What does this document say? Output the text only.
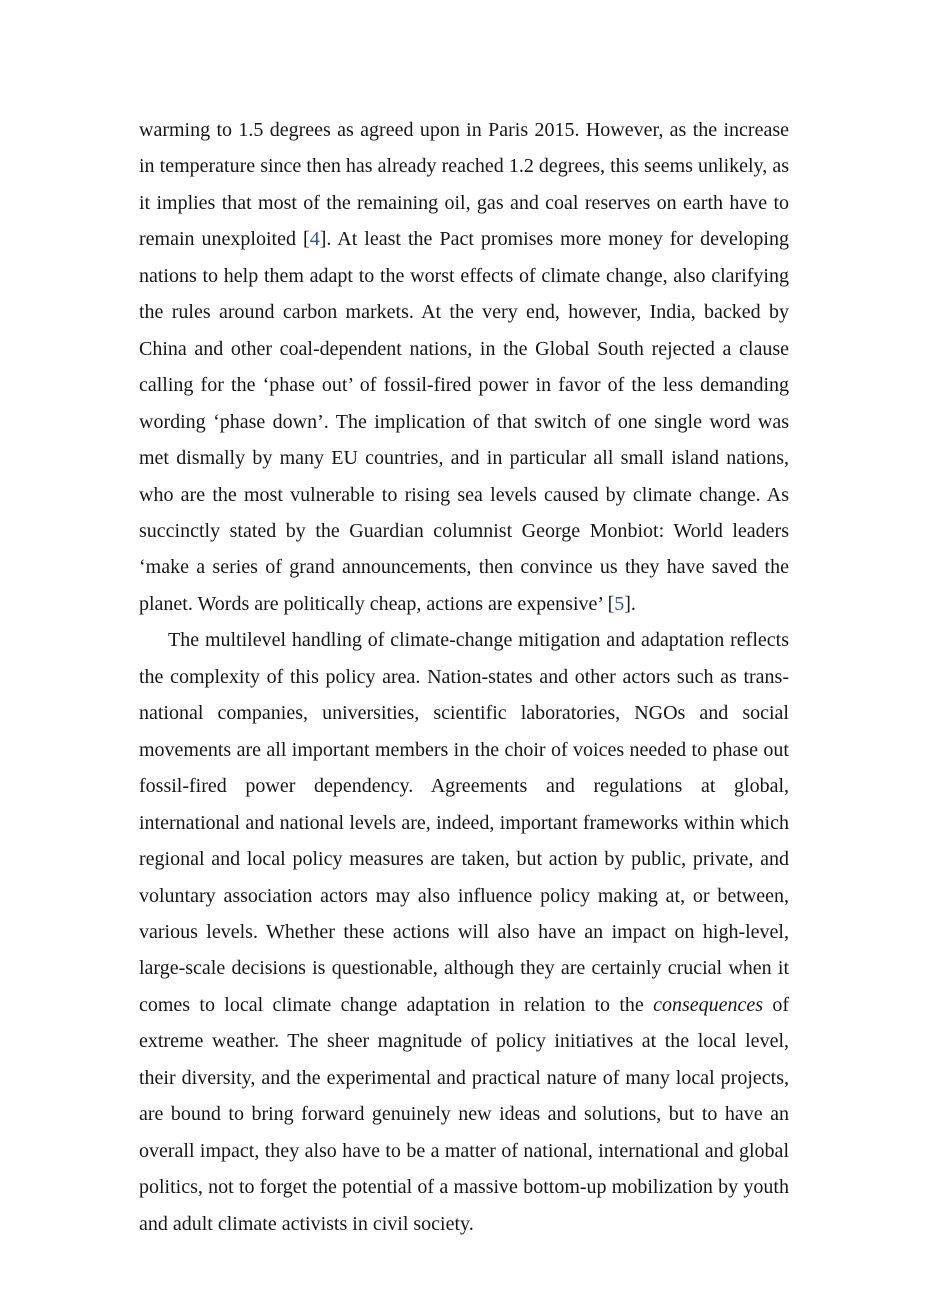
warming to 1.5 degrees as agreed upon in Paris 2015. However, as the increase in temperature since then has already reached 1.2 degrees, this seems unlikely, as it implies that most of the remaining oil, gas and coal reserves on earth have to remain unexploited [4]. At least the Pact promises more money for developing nations to help them adapt to the worst effects of climate change, also clarifying the rules around carbon markets. At the very end, however, India, backed by China and other coal-dependent nations, in the Global South rejected a clause calling for the ‘phase out’ of fossil-fired power in favor of the less demanding wording ‘phase down’. The implication of that switch of one single word was met dismally by many EU countries, and in particular all small island nations, who are the most vulnerable to rising sea levels caused by climate change. As succinctly stated by the Guardian columnist George Monbiot: World leaders ‘make a series of grand announcements, then convince us they have saved the planet. Words are politically cheap, actions are expensive’ [5].

The multilevel handling of climate-change mitigation and adaptation reflects the complexity of this policy area. Nation-states and other actors such as trans-national companies, universities, scientific laboratories, NGOs and social movements are all important members in the choir of voices needed to phase out fossil-fired power dependency. Agreements and regulations at global, international and national levels are, indeed, important frameworks within which regional and local policy measures are taken, but action by public, private, and voluntary association actors may also influence policy making at, or between, various levels. Whether these actions will also have an impact on high-level, large-scale decisions is questionable, although they are certainly crucial when it comes to local climate change adaptation in relation to the consequences of extreme weather. The sheer magnitude of policy initiatives at the local level, their diversity, and the experimental and practical nature of many local projects, are bound to bring forward genuinely new ideas and solutions, but to have an overall impact, they also have to be a matter of national, international and global politics, not to forget the potential of a massive bottom-up mobilization by youth and adult climate activists in civil society.
